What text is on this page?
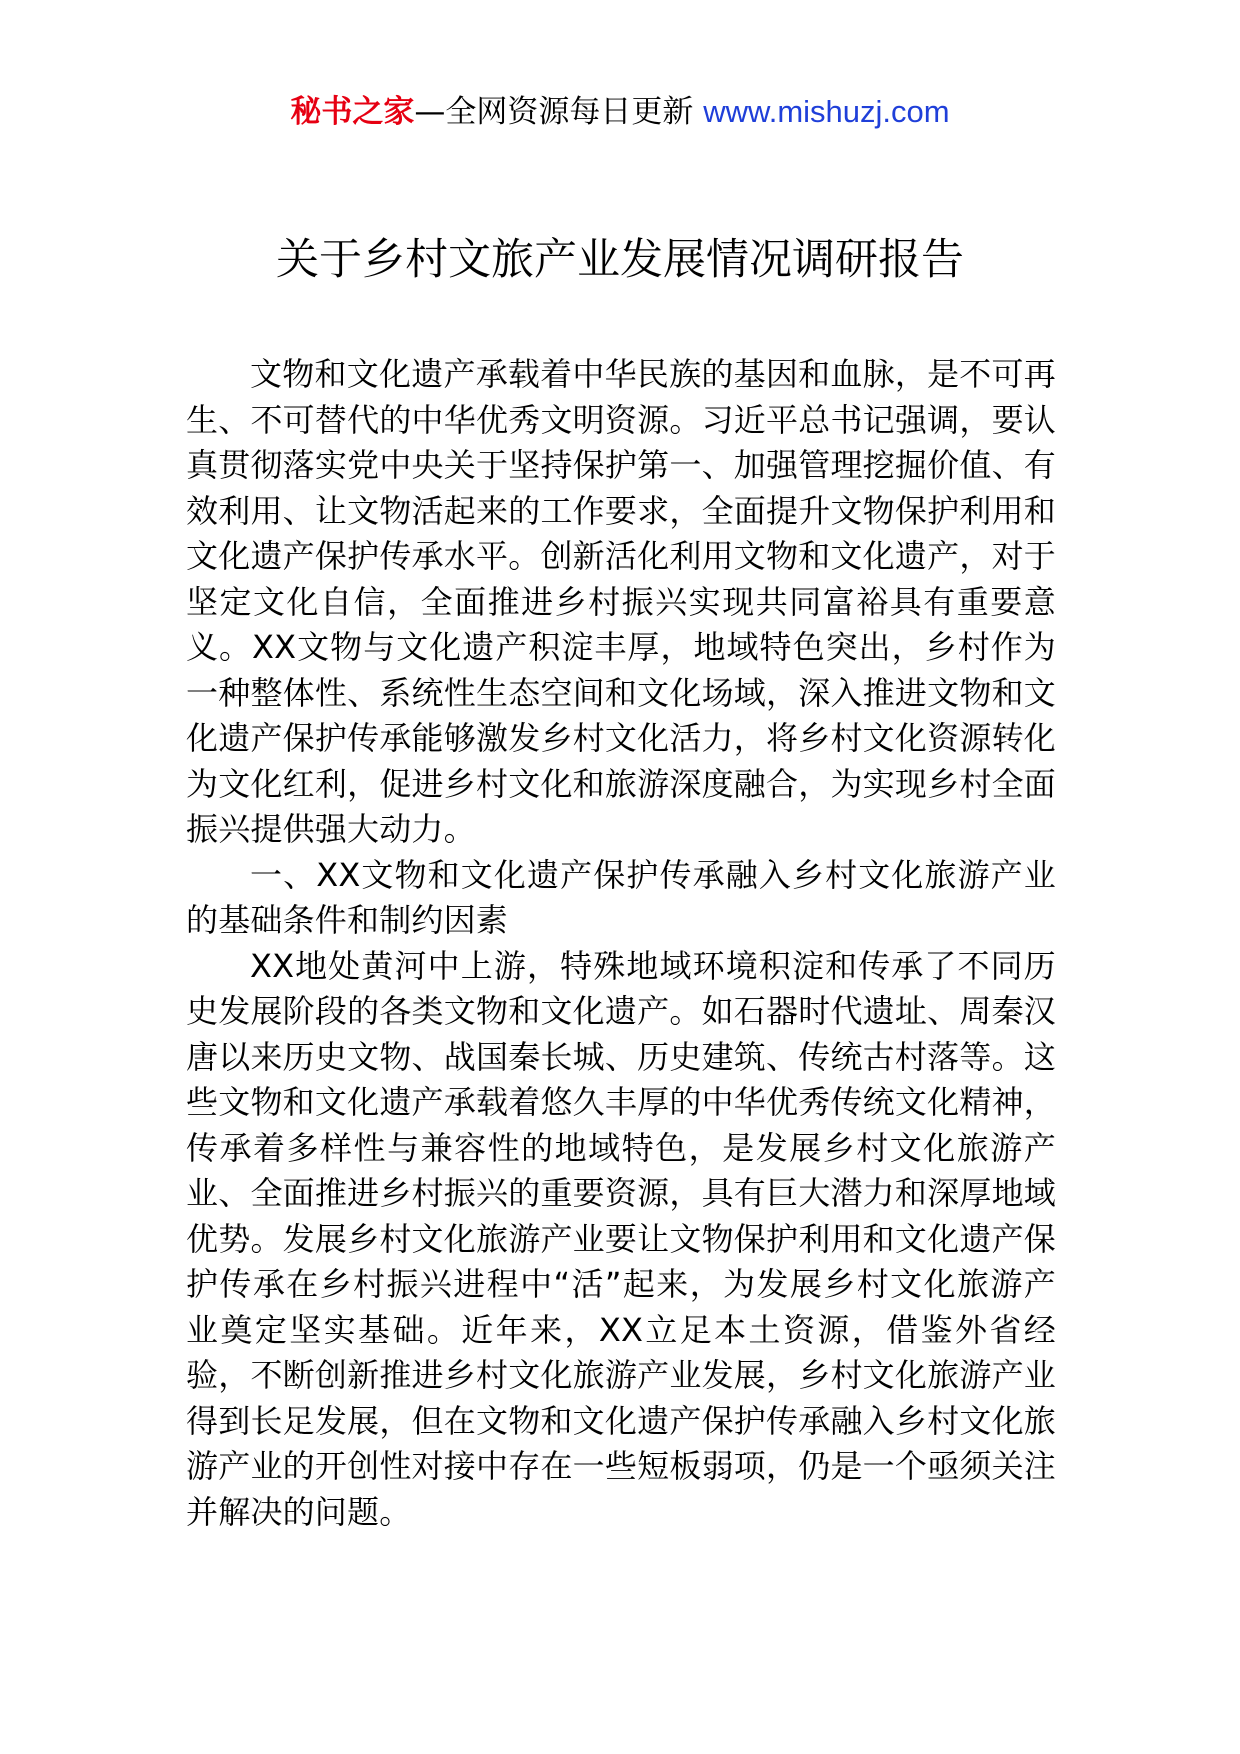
秘书之家—全网资源每日更新 www.mishuzj.com
关于乡村文旅产业发展情况调研报告

文物和文化遗产承载着中华民族的基因和血脉，是不可再生、不可替代的中华优秀文明资源。习近平总书记强调，要认真贯彻落实党中央关于坚持保护第一、加强管理挖掘价值、有效利用、让文物活起来的工作要求，全面提升文物保护利用和文化遗产保护传承水平。创新活化利用文物和文化遗产，对于坚定文化自信，全面推进乡村振兴实现共同富裕具有重要意义。XX文物与文化遗产积淀丰厚，地域特色突出，乡村作为一种整体性、系统性生态空间和文化场域，深入推进文物和文化遗产保护传承能够激发乡村文化活力，将乡村文化资源转化为文化红利，促进乡村文化和旅游深度融合，为实现乡村全面振兴提供强大动力。

一、XX文物和文化遗产保护传承融入乡村文化旅游产业的基础条件和制约因素

XX地处黄河中上游，特殊地域环境积淀和传承了不同历史发展阶段的各类文物和文化遗产。如石器时代遗址、周秦汉唐以来历史文物、战国秦长城、历史建筑、传统古村落等。这些文物和文化遗产承载着悠久丰厚的中华优秀传统文化精神，传承着多样性与兼容性的地域特色，是发展乡村文化旅游产业、全面推进乡村振兴的重要资源，具有巨大潜力和深厚地域优势。发展乡村文化旅游产业要让文物保护利用和文化遗产保护传承在乡村振兴进程中“活”起来，为发展乡村文化旅游产业奠定坚实基础。近年来，XX立足本土资源，借鉴外省经验，不断创新推进乡村文化旅游产业发展，乡村文化旅游产业得到长足发展，但在文物和文化遗产保护传承融入乡村文化旅游产业的开创性对接中存在一些短板弱项，仍是一个亟须关注并解决的问题。
